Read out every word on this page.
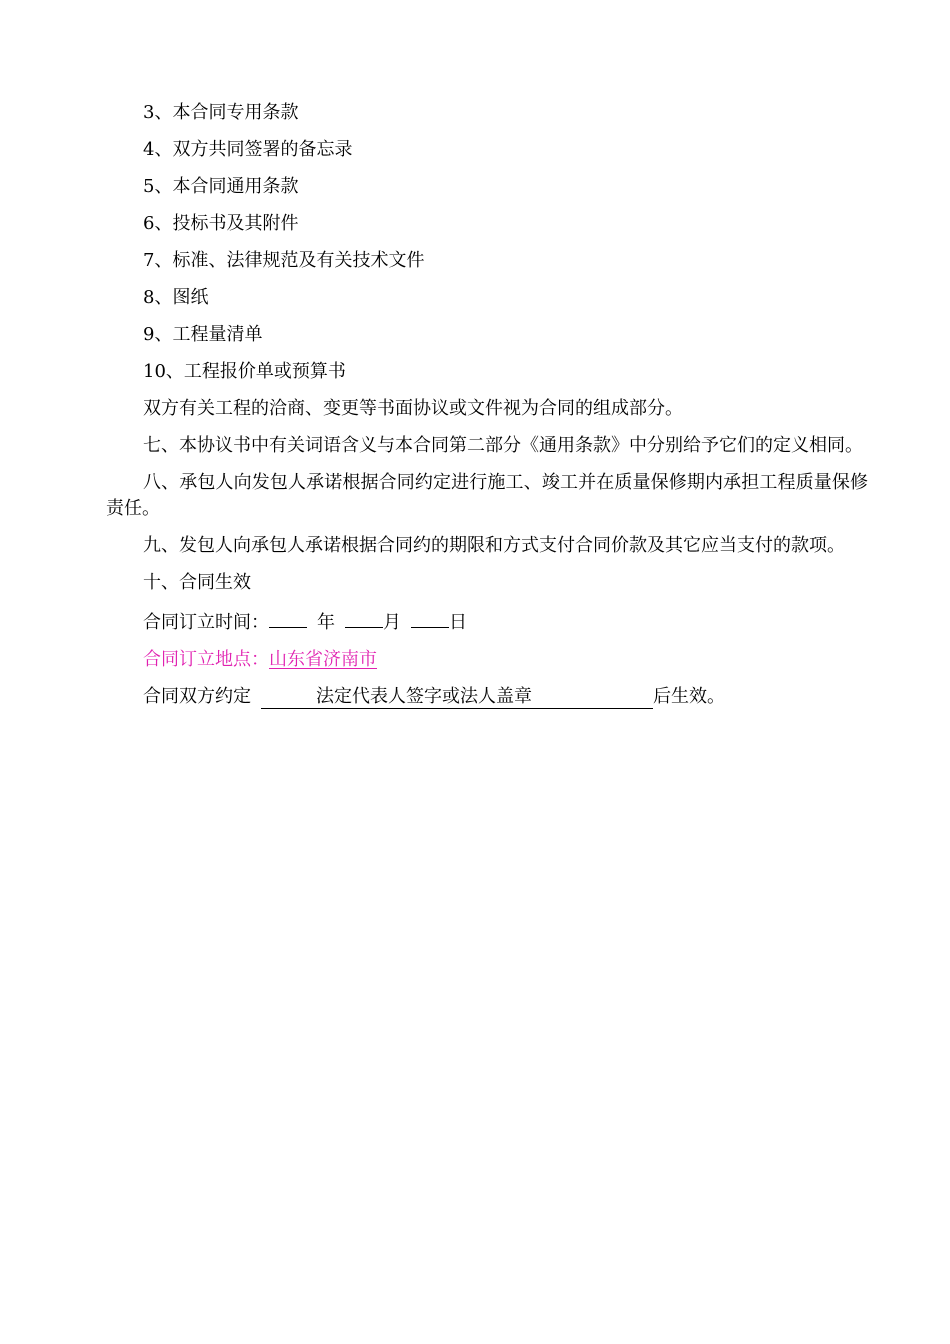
3、本合同专用条款

4、双方共同签署的备忘录

5、本合同通用条款

6、投标书及其附件

7、标准、法律规范及有关技术文件

8、图纸

9、工程量清单

10、工程报价单或预算书

双方有关工程的洽商、变更等书面协议或文件视为合同的组成部分。

七、本协议书中有关词语含义与本合同第二部分《通用条款》中分别给予它们的定义相同。

八、承包人向发包人承诺根据合同约定进行施工、竣工并在质量保修期内承担工程质量保修责任。

九、发包人向承包人承诺根据合同约的期限和方式支付合同价款及其它应当支付的款项。

十、合同生效

合同订立时间：	年	月	日

合同订立地点：山东省济南市

合同双方约定	法定代表人签字或法人盖章	后生效。
